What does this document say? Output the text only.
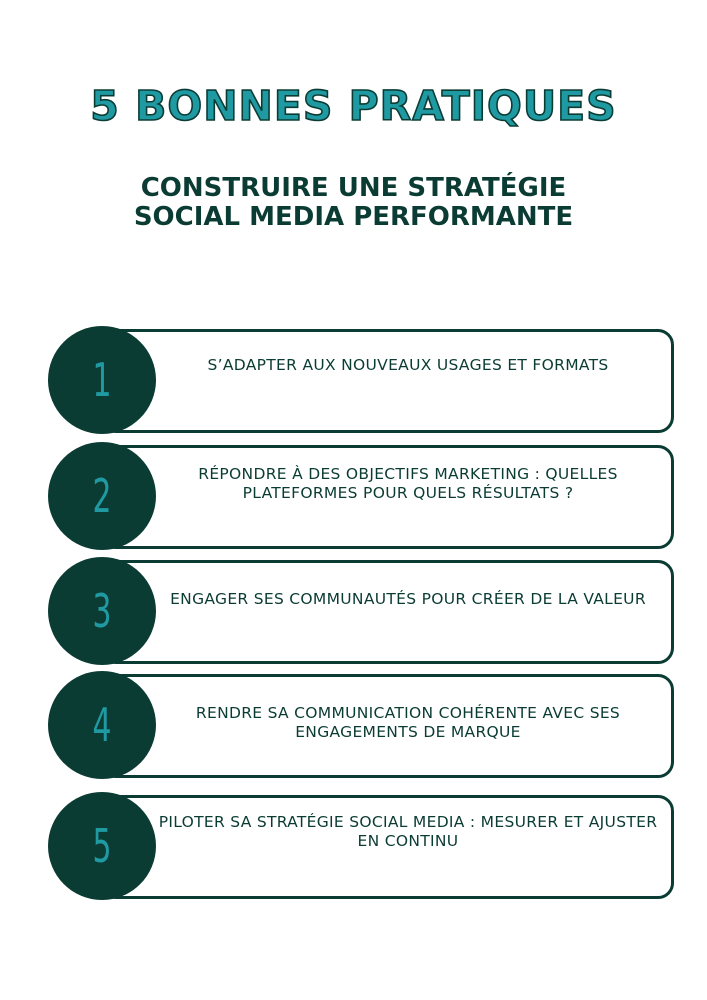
5 BONNES PRATIQUES
CONSTRUIRE UNE STRATÉGIE
SOCIAL MEDIA PERFORMANTE
1	S’ADAPTER AUX NOUVEAUX USAGES ET FORMATS
2	RÉPONDRE À DES OBJECTIFS MARKETING : QUELLES PLATEFORMES POUR QUELS RÉSULTATS ?
3	ENGAGER SES COMMUNAUTÉS POUR CRÉER DE LA VALEUR
4	RENDRE SA COMMUNICATION COHÉRENTE AVEC SES ENGAGEMENTS DE MARQUE
5	PILOTER SA STRATÉGIE SOCIAL MEDIA : MESURER ET AJUSTER EN CONTINU
